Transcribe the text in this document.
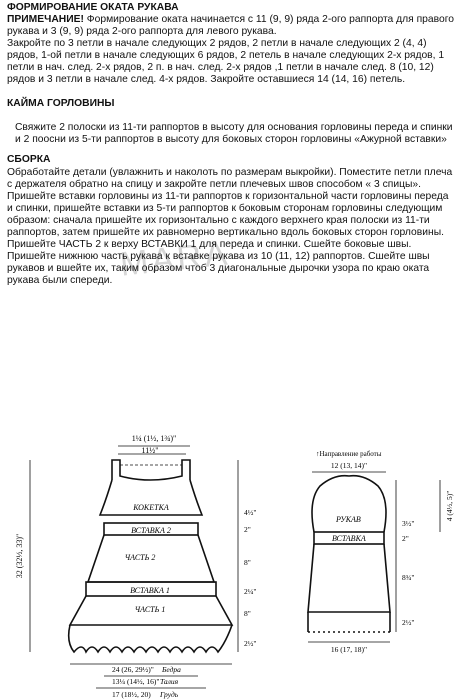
MARA

ФОРМИРОВАНИЕ ОКАТА РУКАВА

ПРИМЕЧАНИЕ! Формирование оката начинается с 11 (9, 9) ряда 2-ого раппорта для правого рукава и 3 (9, 9) ряда 2-ого раппорта для левого рукава.

Закройте по 3 петли в начале следующих 2 рядов, 2 петли в начале следующих 2 (4, 4) рядов, 1-ой петли в начале следующих 6 рядов, 2 петель в начале следующих 2-х рядов, 1 петли в нач. след. 2-х рядов, 2 п. в нач. след. 2-х рядов ,1 петли в начале след. 8 (10, 12) рядов и 3 петли в начале след. 4-х рядов. Закройте оставшиеся 14 (14, 16) петель.

КАЙМА ГОРЛОВИНЫ

Свяжите 2 полоски из 11-ти раппортов в высоту для основания горловины переда и спинки и 2 поосни из 5-ти раппортов в высоту для боковых сторон горловины «Ажурной вставки»

СБОРКА

Обработайте детали (увлажнить и наколоть по размерам выкройки). Поместите петли плеча с держателя обратно на спицу и закройте петли плечевых швов способом « 3 спицы». Пришейте вставки горловины из 11-ти раппортов к горизонтальной части горловины переда и спинки, пришейте вставки из 5-ти раппортов к боковым сторонам горловины следующим образом: сначала пришейте их горизонтально с каждого верхнего края полоски из 11-ти раппортов, затем пришейте их равномерно вертикально вдоль боковых сторон горловины. Пришейте ЧАСТЬ 2 к верху ВСТАВКИ 1 для переда и спинки. Сшейте боковые швы. Пришейте нижнюю часть рукава к вставке рукава из 10 (11, 12) раппортов. Сшейте швы рукавов и вшейте их, таким образом чтоб 3 диагональные дырочки узора по краю оката рукава были спереди.

1¼ (1½, 1¾)"
11½"
КОКЕТКА
ВСТАВКА 2
ЧАСТЬ 2
ВСТАВКА 1
ЧАСТЬ 1
32 (32½, 33)"
4½"
2"
8"
2¼"
8"
2½"
24 (26, 29½)" Бедра
13¼ (14½, 16)" Талия
17 (18½, 20) Грудь
↑Направление работы
12 (13, 14)"
РУКАВ
ВСТАВКА
4 (4½, 5)"
3½"
2"
8¾"
2½"
16 (17, 18)"
